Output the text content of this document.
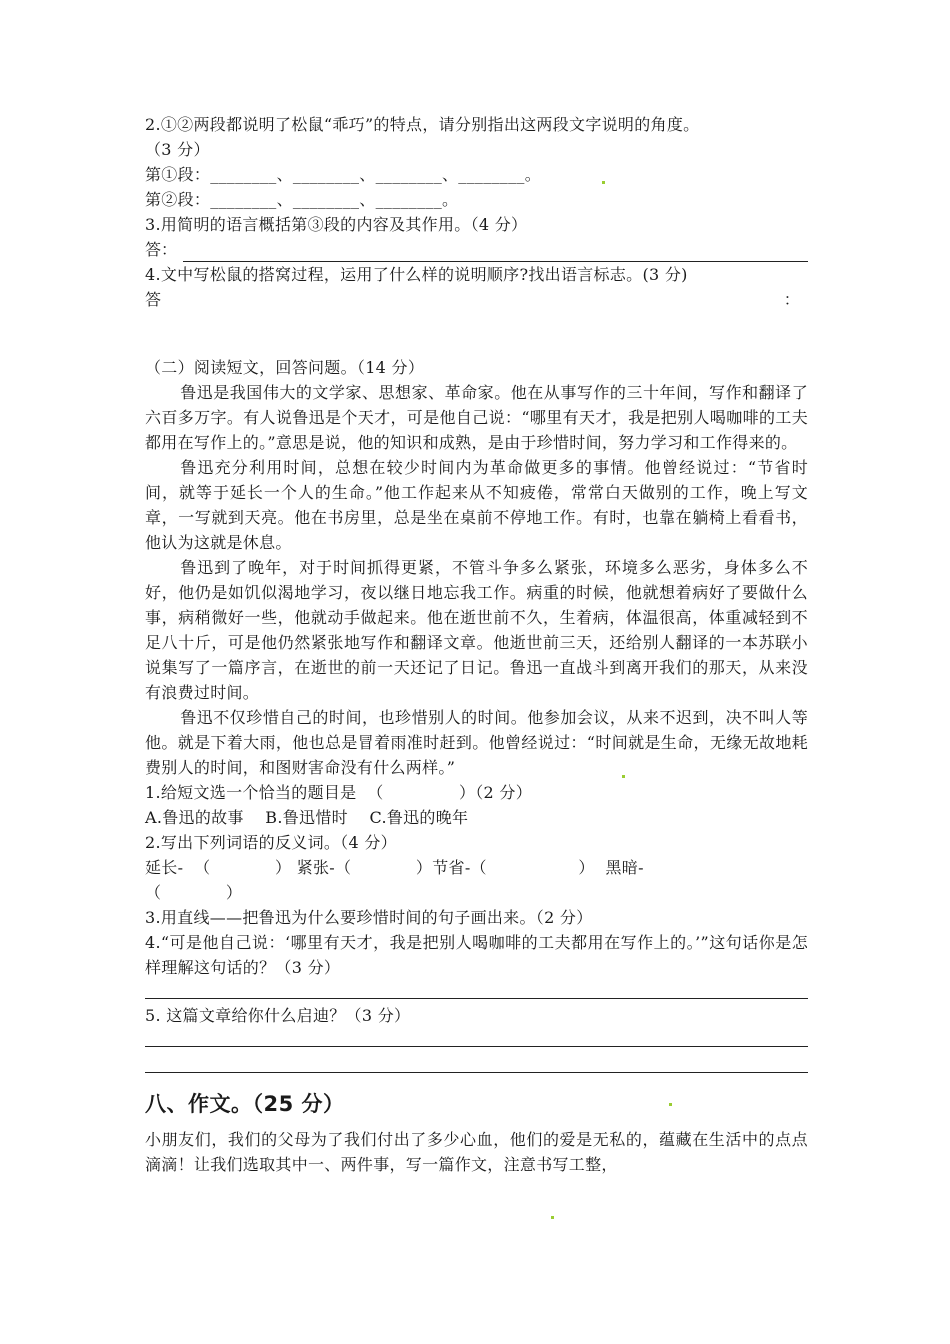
2.①②两段都说明了松鼠“乖巧”的特点，请分别指出这两段文字说明的角度。
（3 分）
第①段：________、________、________、________。
第②段：________、________、________。
3.用简明的语言概括第③段的内容及其作用。（4 分）
答：
4.文中写松鼠的搭窝过程，运用了什么样的说明顺序?找出语言标志。(3 分)
答	：
（二）阅读短文，回答问题。（14 分）
鲁迅是我国伟大的文学家、思想家、革命家。他在从事写作的三十年间，写作和翻译了六百多万字。有人说鲁迅是个天才，可是他自己说：“哪里有天才，我是把别人喝咖啡的工夫都用在写作上的。”意思是说，他的知识和成熟，是由于珍惜时间，努力学习和工作得来的。
鲁迅充分利用时间，总想在较少时间内为革命做更多的事情。他曾经说过：“节省时间，就等于延长一个人的生命。”他工作起来从不知疲倦，常常白天做别的工作，晚上写文章，一写就到天亮。他在书房里，总是坐在桌前不停地工作。有时，也靠在躺椅上看看书，他认为这就是休息。
鲁迅到了晚年，对于时间抓得更紧，不管斗争多么紧张，环境多么恶劣，身体多么不好，他仍是如饥似渴地学习，夜以继日地忘我工作。病重的时候，他就想着病好了要做什么事，病稍微好一些，他就动手做起来。他在逝世前不久，生着病，体温很高，体重减轻到不足八十斤，可是他仍然紧张地写作和翻译文章。他逝世前三天，还给别人翻译的一本苏联小说集写了一篇序言，在逝世的前一天还记了日记。鲁迅一直战斗到离开我们的那天，从来没有浪费过时间。
鲁迅不仅珍惜自己的时间，也珍惜别人的时间。他参加会议，从来不迟到，决不叫人等他。就是下着大雨，他也总是冒着雨准时赶到。他曾经说过：“时间就是生命，无缘无故地耗费别人的时间，和图财害命没有什么两样。”
1.给短文选一个恰当的题目是  （              ）（2 分）
A.鲁迅的故事    B.鲁迅惜时    C.鲁迅的晚年
2.写出下列词语的反义词。（4 分）
延长-  （            ） 紧张-（            ）节省-（                 ）  黑暗-
（            ）
3.用直线——把鲁迅为什么要珍惜时间的句子画出来。（2 分）
4.“可是他自己说：‘哪里有天才，我是把别人喝咖啡的工夫都用在写作上的。’”这句话你是怎样理解这句话的？（3 分）
5. 这篇文章给你什么启迪？（3 分）
八、作文。（25 分）
小朋友们，我们的父母为了我们付出了多少心血，他们的爱是无私的，蕴藏在生活中的点点滴滴！让我们选取其中一、两件事，写一篇作文，注意书写工整，
